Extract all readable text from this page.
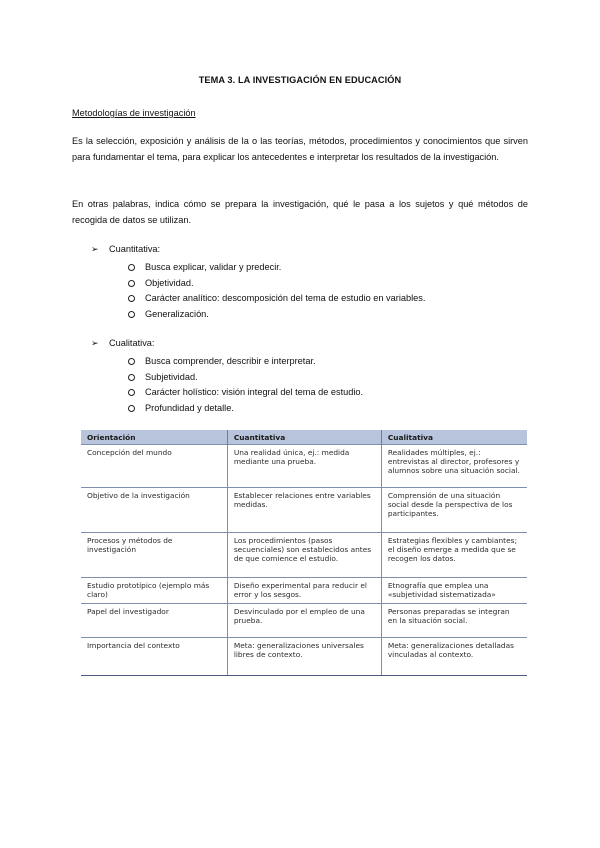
TEMA 3. LA INVESTIGACIÓN EN EDUCACIÓN
Metodologías de investigación
Es la selección, exposición y análisis de la o las teorías, métodos, procedimientos y conocimientos que sirven para fundamentar el tema, para explicar los antecedentes e interpretar los resultados de la investigación.
En otras palabras, indica cómo se prepara la investigación, qué le pasa a los sujetos y qué métodos de recogida de datos se utilizan.
➢ Cuantitativa:
Busca explicar, validar y predecir.
Objetividad.
Carácter analítico: descomposición del tema de estudio en variables.
Generalización.
➢ Cualitativa:
Busca comprender, describir e interpretar.
Subjetividad.
Carácter holístico: visión integral del tema de estudio.
Profundidad y detalle.
Orientación	Cuantitativa	Cualitativa
Concepción del mundo	Una realidad única, ej.: medida mediante una prueba.	Realidades múltiples, ej.: entrevistas al director, profesores y alumnos sobre una situación social.
Objetivo de la investigación	Establecer relaciones entre variables medidas.	Comprensión de una situación social desde la perspectiva de los participantes.
Procesos y métodos de investigación	Los procedimientos (pasos secuenciales) son establecidos antes de que comience el estudio.	Estrategias flexibles y cambiantes; el diseño emerge a medida que se recogen los datos.
Estudio prototípico (ejemplo más claro)	Diseño experimental para reducir el error y los sesgos.	Etnografía que emplea una «subjetividad sistematizada»
Papel del investigador	Desvinculado por el empleo de una prueba.	Personas preparadas se integran en la situación social.
Importancia del contexto	Meta: generalizaciones universales libres de contexto.	Meta: generalizaciones detalladas vinculadas al contexto.
